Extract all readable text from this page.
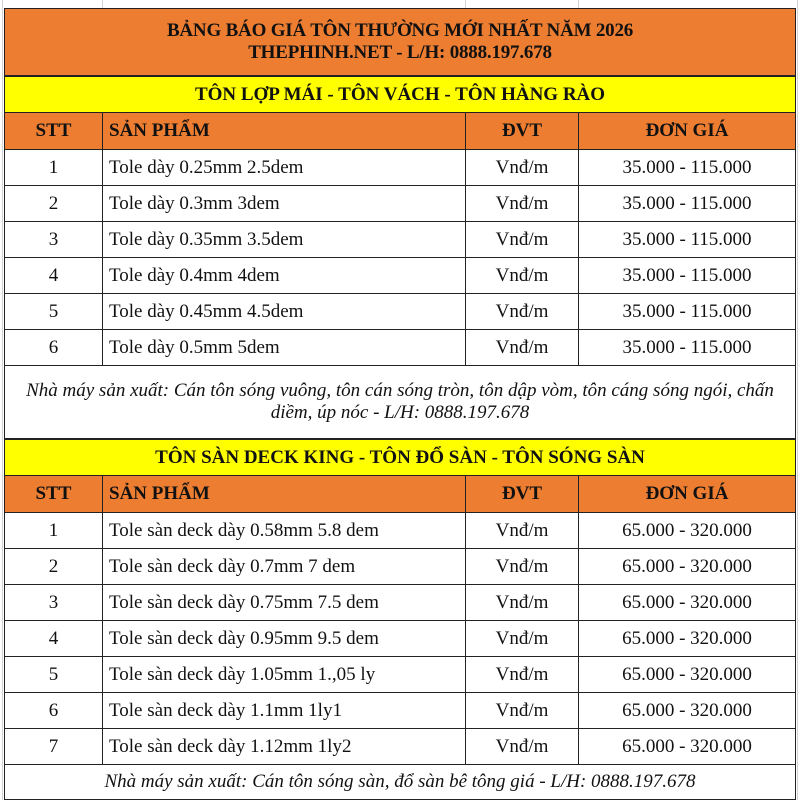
BẢNG BÁO GIÁ TÔN THƯỜNG MỚI NHẤT NĂM 2026
THEPHINH.NET - L/H: 0888.197.678			

TÔN LỢP MÁI - TÔN VÁCH - TÔN HÀNG RÀO			
STT	SẢN PHẨM	ĐVT	ĐƠN GIÁ
1	Tole dày 0.25mm 2.5dem	Vnđ/m	35.000 - 115.000
2	Tole dày 0.3mm 3dem	Vnđ/m	35.000 - 115.000
3	Tole dày 0.35mm 3.5dem	Vnđ/m	35.000 - 115.000
4	Tole dày 0.4mm 4dem	Vnđ/m	35.000 - 115.000
5	Tole dày 0.45mm 4.5dem	Vnđ/m	35.000 - 115.000
6	Tole dày 0.5mm 5dem	Vnđ/m	35.000 - 115.000
Nhà máy sản xuất: Cán tôn sóng vuông, tôn cán sóng tròn, tôn dập vòm, tôn cáng sóng ngói, chấn diềm, úp nóc - L/H: 0888.197.678			
TÔN SÀN DECK KING - TÔN ĐỔ SÀN - TÔN SÓNG SÀN			
STT	SẢN PHẨM	ĐVT	ĐƠN GIÁ
1	Tole sàn deck dày 0.58mm 5.8 dem	Vnđ/m	65.000 - 320.000
2	Tole sàn deck dày 0.7mm 7 dem	Vnđ/m	65.000 - 320.000
3	Tole sàn deck dày 0.75mm 7.5 dem	Vnđ/m	65.000 - 320.000
4	Tole sàn deck dày 0.95mm 9.5 dem	Vnđ/m	65.000 - 320.000
5	Tole sàn deck dày 1.05mm 1.,05 ly	Vnđ/m	65.000 - 320.000
6	Tole sàn deck dày 1.1mm 1ly1	Vnđ/m	65.000 - 320.000
7	Tole sàn deck dày 1.12mm 1ly2	Vnđ/m	65.000 - 320.000
Nhà máy sản xuất: Cán tôn sóng sàn, đổ sàn bê tông giá - L/H: 0888.197.678			
